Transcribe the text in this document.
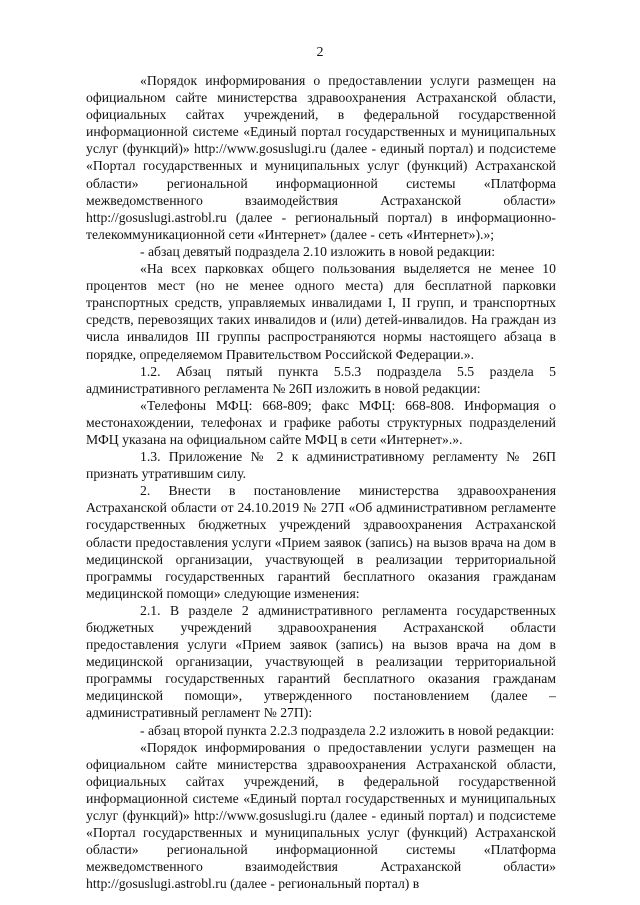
2

«Порядок информирования о предоставлении услуги размещен на официальном сайте министерства здравоохранения Астраханской области, официальных сайтах учреждений, в федеральной государственной информационной системе «Единый портал государственных и муниципальных услуг (функций)» http://www.gosuslugi.ru (далее - единый портал) и подсистеме «Портал государственных и муниципальных услуг (функций) Астраханской области» региональной информационной системы «Платформа межведомственного взаимодействия Астраханской области» http://gosuslugi.astrobl.ru (далее - региональный портал) в информационно-телекоммуникационной сети «Интернет» (далее - сеть «Интернет»).»;

- абзац девятый подраздела 2.10 изложить в новой редакции:

«На всех парковках общего пользования выделяется не менее 10 процентов мест (но не менее одного места) для бесплатной парковки транспортных средств, управляемых инвалидами I, II групп, и транспортных средств, перевозящих таких инвалидов и (или) детей-инвалидов. На граждан из числа инвалидов III группы распространяются нормы настоящего абзаца в порядке, определяемом Правительством Российской Федерации.».

1.2. Абзац пятый пункта 5.5.3 подраздела 5.5 раздела 5 административного регламента № 26П изложить в новой редакции:

«Телефоны МФЦ: 668-809; факс МФЦ: 668-808. Информация о местонахождении, телефонах и графике работы структурных подразделений МФЦ указана на официальном сайте МФЦ в сети «Интернет».».

1.3. Приложение № 2 к административному регламенту № 26П признать утратившим силу.

2. Внести в постановление министерства здравоохранения Астраханской области от 24.10.2019 № 27П «Об административном регламенте государственных бюджетных учреждений здравоохранения Астраханской области предоставления услуги «Прием заявок (запись) на вызов врача на дом в медицинской организации, участвующей в реализации территориальной программы государственных гарантий бесплатного оказания гражданам медицинской помощи» следующие изменения:

2.1. В разделе 2 административного регламента государственных бюджетных учреждений здравоохранения Астраханской области предоставления услуги «Прием заявок (запись) на вызов врача на дом в медицинской организации, участвующей в реализации территориальной программы государственных гарантий бесплатного оказания гражданам медицинской помощи», утвержденного постановлением (далее – административный регламент № 27П):

- абзац второй пункта 2.2.3 подраздела 2.2 изложить в новой редакции:

«Порядок информирования о предоставлении услуги размещен на официальном сайте министерства здравоохранения Астраханской области, официальных сайтах учреждений, в федеральной государственной информационной системе «Единый портал государственных и муниципальных услуг (функций)» http://www.gosuslugi.ru (далее - единый портал) и подсистеме «Портал государственных и муниципальных услуг (функций) Астраханской области» региональной информационной системы «Платформа межведомственного взаимодействия Астраханской области» http://gosuslugi.astrobl.ru (далее - региональный портал) в
